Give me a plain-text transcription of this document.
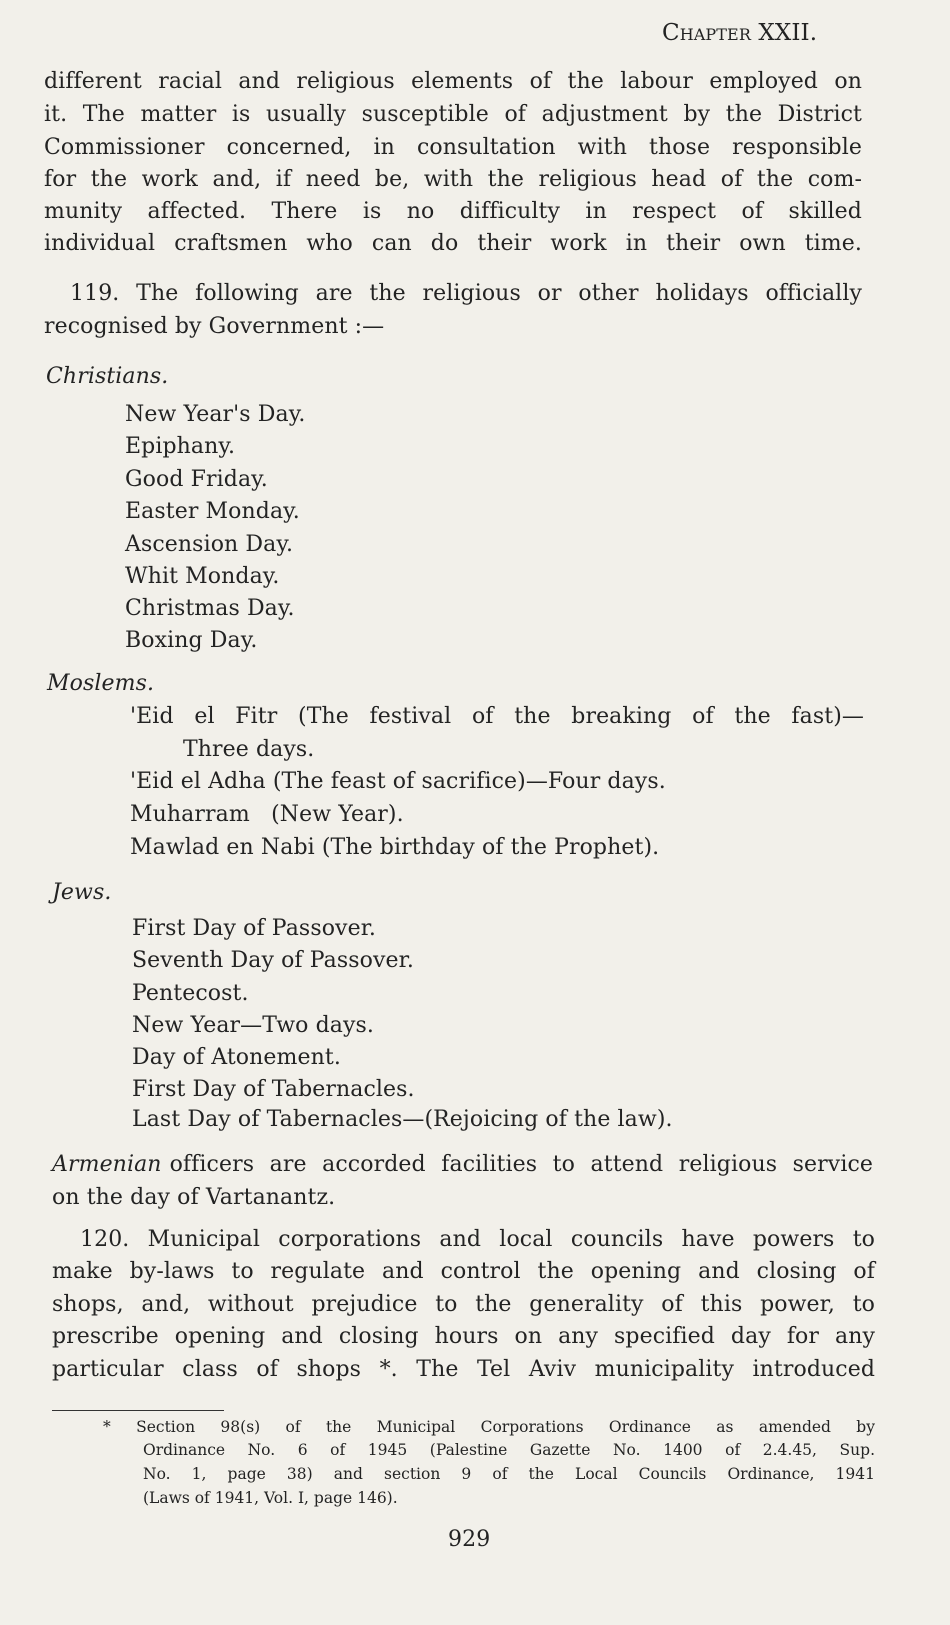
Chapter XXII.
different racial and religious elements of the labour employed on
it. The matter is usually susceptible of adjustment by the District
Commissioner concerned, in consultation with those responsible
for the work and, if need be, with the religious head of the com-
munity affected. There is no difficulty in respect of skilled
individual craftsmen who can do their work in their own time.
119. The following are the religious or other holidays officially
recognised by Government :—
Christians.
New Year's Day.
Epiphany.
Good Friday.
Easter Monday.
Ascension Day.
Whit Monday.
Christmas Day.
Boxing Day.
Moslems.
'Eid el Fitr (The festival of the breaking of the fast)—
Three days.
'Eid el Adha (The feast of sacrifice)—Four days.
Muharram   (New Year).
Mawlad en Nabi (The birthday of the Prophet).
Jews.
First Day of Passover.
Seventh Day of Passover.
Pentecost.
New Year—Two days.
Day of Atonement.
First Day of Tabernacles.
Last Day of Tabernacles—(Rejoicing of the law).
Armenian officers are accorded facilities to attend religious service
on the day of Vartanantz.
120. Municipal corporations and local councils have powers to
make by-laws to regulate and control the opening and closing of
shops, and, without prejudice to the generality of this power, to
prescribe opening and closing hours on any specified day for any
particular class of shops *. The Tel Aviv municipality introduced
* Section 98(s) of the Municipal Corporations Ordinance as amended by
Ordinance No. 6 of 1945 (Palestine Gazette No. 1400 of 2.4.45, Sup.
No. 1, page 38) and section 9 of the Local Councils Ordinance, 1941
(Laws of 1941, Vol. I, page 146).
929
